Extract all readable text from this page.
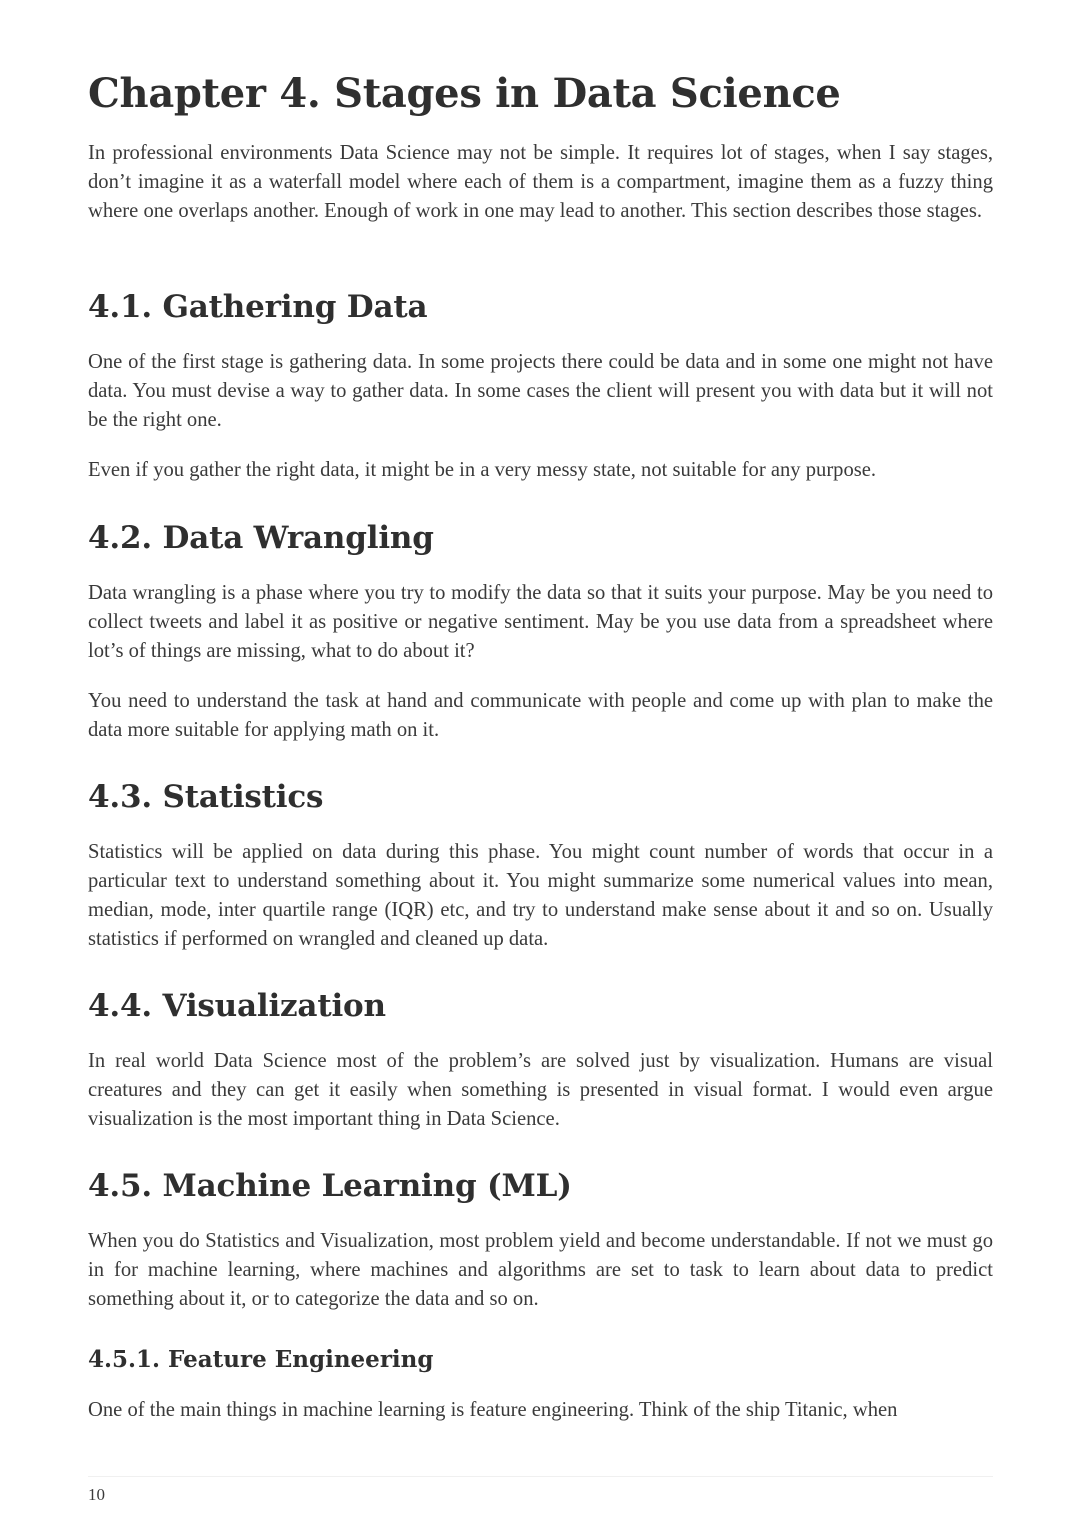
Chapter 4. Stages in Data Science

In professional environments Data Science may not be simple. It requires lot of stages, when I say stages, don’t imagine it as a waterfall model where each of them is a compartment, imagine them as a fuzzy thing where one overlaps another. Enough of work in one may lead to another. This section describes those stages.

4.1. Gathering Data

One of the first stage is gathering data. In some projects there could be data and in some one might not have data. You must devise a way to gather data. In some cases the client will present you with data but it will not be the right one.

Even if you gather the right data, it might be in a very messy state, not suitable for any purpose.

4.2. Data Wrangling

Data wrangling is a phase where you try to modify the data so that it suits your purpose. May be you need to collect tweets and label it as positive or negative sentiment. May be you use data from a spreadsheet where lot’s of things are missing, what to do about it?

You need to understand the task at hand and communicate with people and come up with plan to make the data more suitable for applying math on it.

4.3. Statistics

Statistics will be applied on data during this phase. You might count number of words that occur in a particular text to understand something about it. You might summarize some numerical values into mean, median, mode, inter quartile range (IQR) etc, and try to understand make sense about it and so on. Usually statistics if performed on wrangled and cleaned up data.

4.4. Visualization

In real world Data Science most of the problem’s are solved just by visualization. Humans are visual creatures and they can get it easily when something is presented in visual format. I would even argue visualization is the most important thing in Data Science.

4.5. Machine Learning (ML)

When you do Statistics and Visualization, most problem yield and become understandable. If not we must go in for machine learning, where machines and algorithms are set to task to learn about data to predict something about it, or to categorize the data and so on.

4.5.1. Feature Engineering

One of the main things in machine learning is feature engineering. Think of the ship Titanic, when

10
